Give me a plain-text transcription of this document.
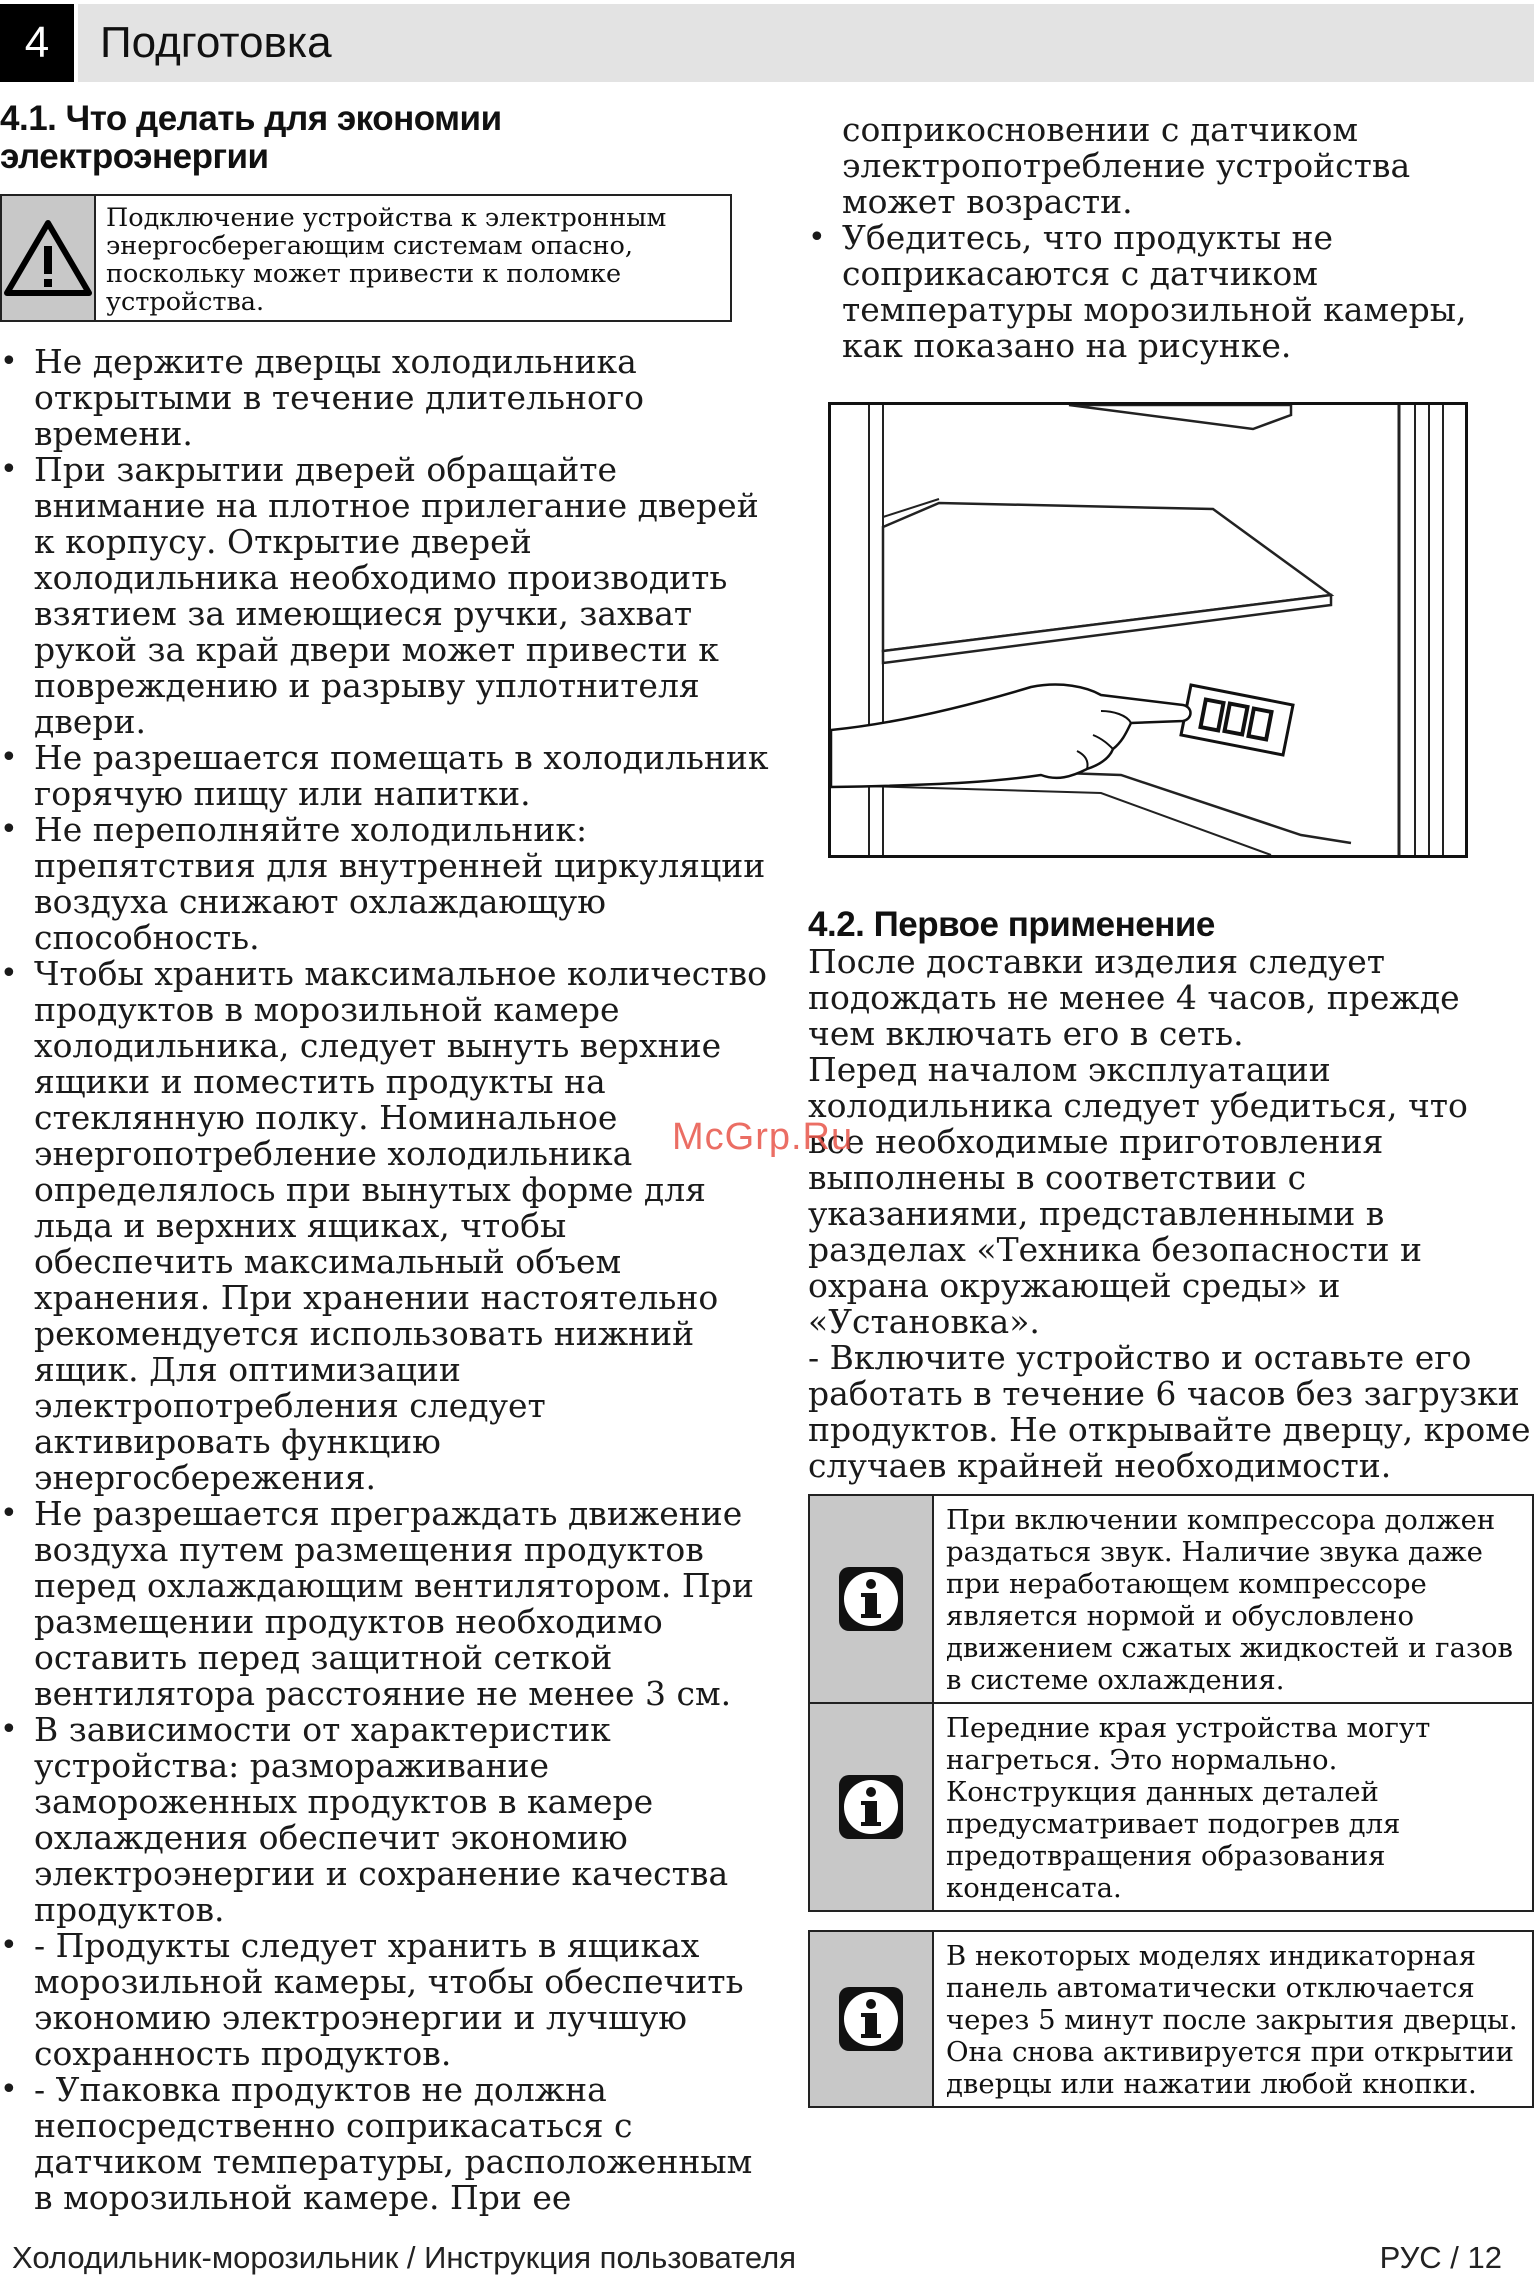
4	Подготовка
4.1. Что делать для экономии
электроэнергии
Подключение устройства к электронным энергосберегающим системам опасно, поскольку может привести к поломке устройства.
• Не держите дверцы холодильника открытыми в течение длительного времени.
• При закрытии дверей обращайте внимание на плотное прилегание дверей к корпусу. Открытие дверей холодильника необходимо производить взятием за имеющиеся ручки, захват рукой за край двери может привести к повреждению и разрыву уплотнителя двери.
• Не разрешается помещать в холодильник горячую пищу или напитки.
• Не переполняйте холодильник: препятствия для внутренней циркуляции воздуха снижают охлаждающую способность.
• Чтобы хранить максимальное количество продуктов в морозильной камере холодильника, следует вынуть верхние ящики и поместить продукты на стеклянную полку. Номинальное энергопотребление холодильника определялось при вынутых форме для льда и верхних ящиках, чтобы обеспечить максимальный объем хранения. При хранении настоятельно рекомендуется использовать нижний ящик. Для оптимизации электропотребления следует активировать функцию энергосбережения.
• Не разрешается преграждать движение воздуха путем размещения продуктов перед охлаждающим вентилятором. При размещении продуктов необходимо оставить перед защитной сеткой вентилятора расстояние не менее 3 см.
• В зависимости от характеристик устройства: размораживание замороженных продуктов в камере охлаждения обеспечит экономию электроэнергии и сохранение качества продуктов.
• - Продукты следует хранить в ящиках морозильной камеры, чтобы обеспечить экономию электроэнергии и лучшую сохранность продуктов.
• - Упаковка продуктов не должна непосредственно соприкасаться с датчиком температуры, расположенным в морозильной камере. При ее

соприкосновении с датчиком электропотребление устройства может возрасти.

• Убедитесь, что продукты не соприкасаются с датчиком температуры морозильной камеры, как показано на рисунке.
4.2. Первое применение

После доставки изделия следует подождать не менее 4 часов, прежде чем включать его в сеть.

Перед началом эксплуатации холодильника следует убедиться, что все необходимые приготовления выполнены в соответствии с указаниями, представленными в разделах «Техника безопасности и охрана окружающей среды» и «Установка».

- Включите устройство и оставьте его работать в течение 6 часов без загрузки продуктов. Не открывайте дверцу, кроме случаев крайней необходимости.

При включении компрессора должен раздаться звук. Наличие звука даже при неработающем компрессоре является нормой и обусловлено движением сжатых жидкостей и газов в системе охлаждения.
Передние края устройства могут нагреться. Это нормально. Конструкция данных деталей предусматривает подогрев для предотвращения образования конденсата.
В некоторых моделях индикаторная панель автоматически отключается через 5 минут после закрытия дверцы. Она снова активируется при открытии дверцы или нажатии любой кнопки.
McGrp.Ru
Холодильник-морозильник / Инструкция пользователя	РУС / 12
